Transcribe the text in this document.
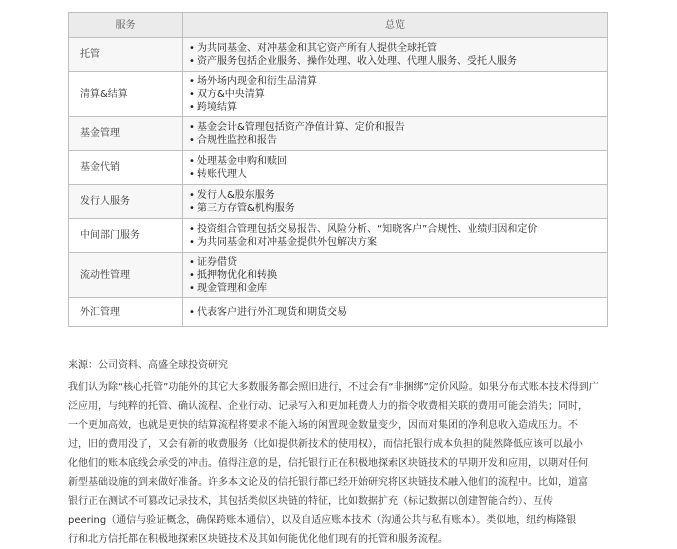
服务	总览
托管	• 为共同基金、对冲基金和其它资产所有人提供全球托管
• 资产服务包括企业服务、操作处理、收入处理、代理人服务、受托人服务

清算&结算	• 场外场内现金和衍生品清算
• 双方&中央清算
• 跨境结算

基金管理	• 基金会计&管理包括资产净值计算、定价和报告
• 合规性监控和报告

基金代销	• 处理基金申购和赎回
• 转账代理人

发行人服务	• 发行人&股东服务
• 第三方存管&机构服务

中间部门服务	• 投资组合管理包括交易报告、风险分析、“知晓客户”合规性、业绩归因和定价
• 为共同基金和对冲基金提供外包解决方案

流动性管理	• 证券借贷
• 抵押物优化和转换
• 现金管理和金库

外汇管理	• 代表客户进行外汇现货和期货交易
来源：公司资料、高盛全球投资研究
我们认为除“核心托管”功能外的其它大多数服务都会照旧进行，不过会有“非捆绑”定价风险。如果分布式账本技术得到广
泛应用，与纯粹的托管、确认流程、企业行动、记录写入和更加耗费人力的指令收费相关联的费用可能会消失；同时，
一个更加高效，也就是更快的结算流程将要求不能入场的闲置现金数量变少，因而对集团的净利息收入造成压力。不
过，旧的费用没了，又会有新的收费服务（比如提供新技术的使用权），而信托银行成本负担的陡然降低应该可以最小
化他们的账本底线会承受的冲击。值得注意的是，信托银行正在积极地探索区块链技术的早期开发和应用，以期对任何
新型基础设施的到来做好准备。许多本文论及的信托银行都已经开始研究将区块链技术融入他们的流程中。比如，道富
银行正在测试不可篡改记录技术，其包括类似区块链的特征，比如数据扩充（标记数据以创建智能合约）、互传
peering（通信与验证概念，确保跨账本通信），以及自适应账本技术（沟通公共与私有账本）。类似地，纽约梅隆银
行和北方信托都在积极地探索区块链技术及其如何能优化他们现有的托管和服务流程。
